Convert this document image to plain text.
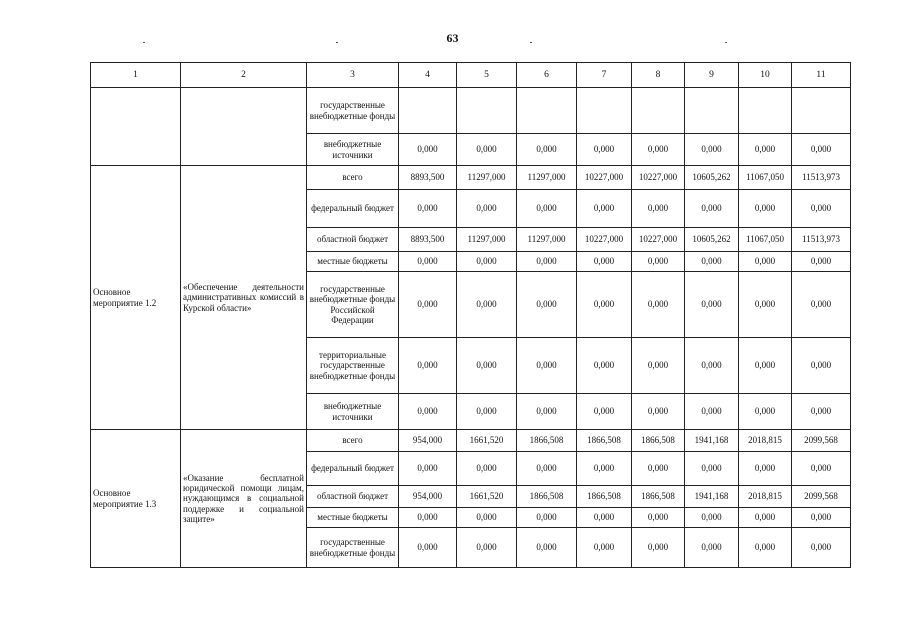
63
1	2	3	4	5	6	7	8	9	10	11
		государственные внебюджетные фонды								
		внебюджетные источники	0,000	0,000	0,000	0,000	0,000	0,000	0,000	0,000
Основное мероприятие 1.2	«Обеспечение деятельности административных комиссий в Курской области»	всего	8893,500	11297,000	11297,000	10227,000	10227,000	10605,262	11067,050	11513,973
		федеральный бюджет	0,000	0,000	0,000	0,000	0,000	0,000	0,000	0,000
		областной бюджет	8893,500	11297,000	11297,000	10227,000	10227,000	10605,262	11067,050	11513,973
		местные бюджеты	0,000	0,000	0,000	0,000	0,000	0,000	0,000	0,000
		государственные внебюджетные фонды Российской Федерации	0,000	0,000	0,000	0,000	0,000	0,000	0,000	0,000
		территориальные государственные внебюджетные фонды	0,000	0,000	0,000	0,000	0,000	0,000	0,000	0,000
		внебюджетные источники	0,000	0,000	0,000	0,000	0,000	0,000	0,000	0,000
Основное мероприятие 1.3	«Оказание бесплатной юридической помощи лицам, нуждающимся в социальной поддержке и социальной защите»	всего	954,000	1661,520	1866,508	1866,508	1866,508	1941,168	2018,815	2099,568
		федеральный бюджет	0,000	0,000	0,000	0,000	0,000	0,000	0,000	0,000
		областной бюджет	954,000	1661,520	1866,508	1866,508	1866,508	1941,168	2018,815	2099,568
		местные бюджеты	0,000	0,000	0,000	0,000	0,000	0,000	0,000	0,000
		государственные внебюджетные фонды	0,000	0,000	0,000	0,000	0,000	0,000	0,000	0,000
